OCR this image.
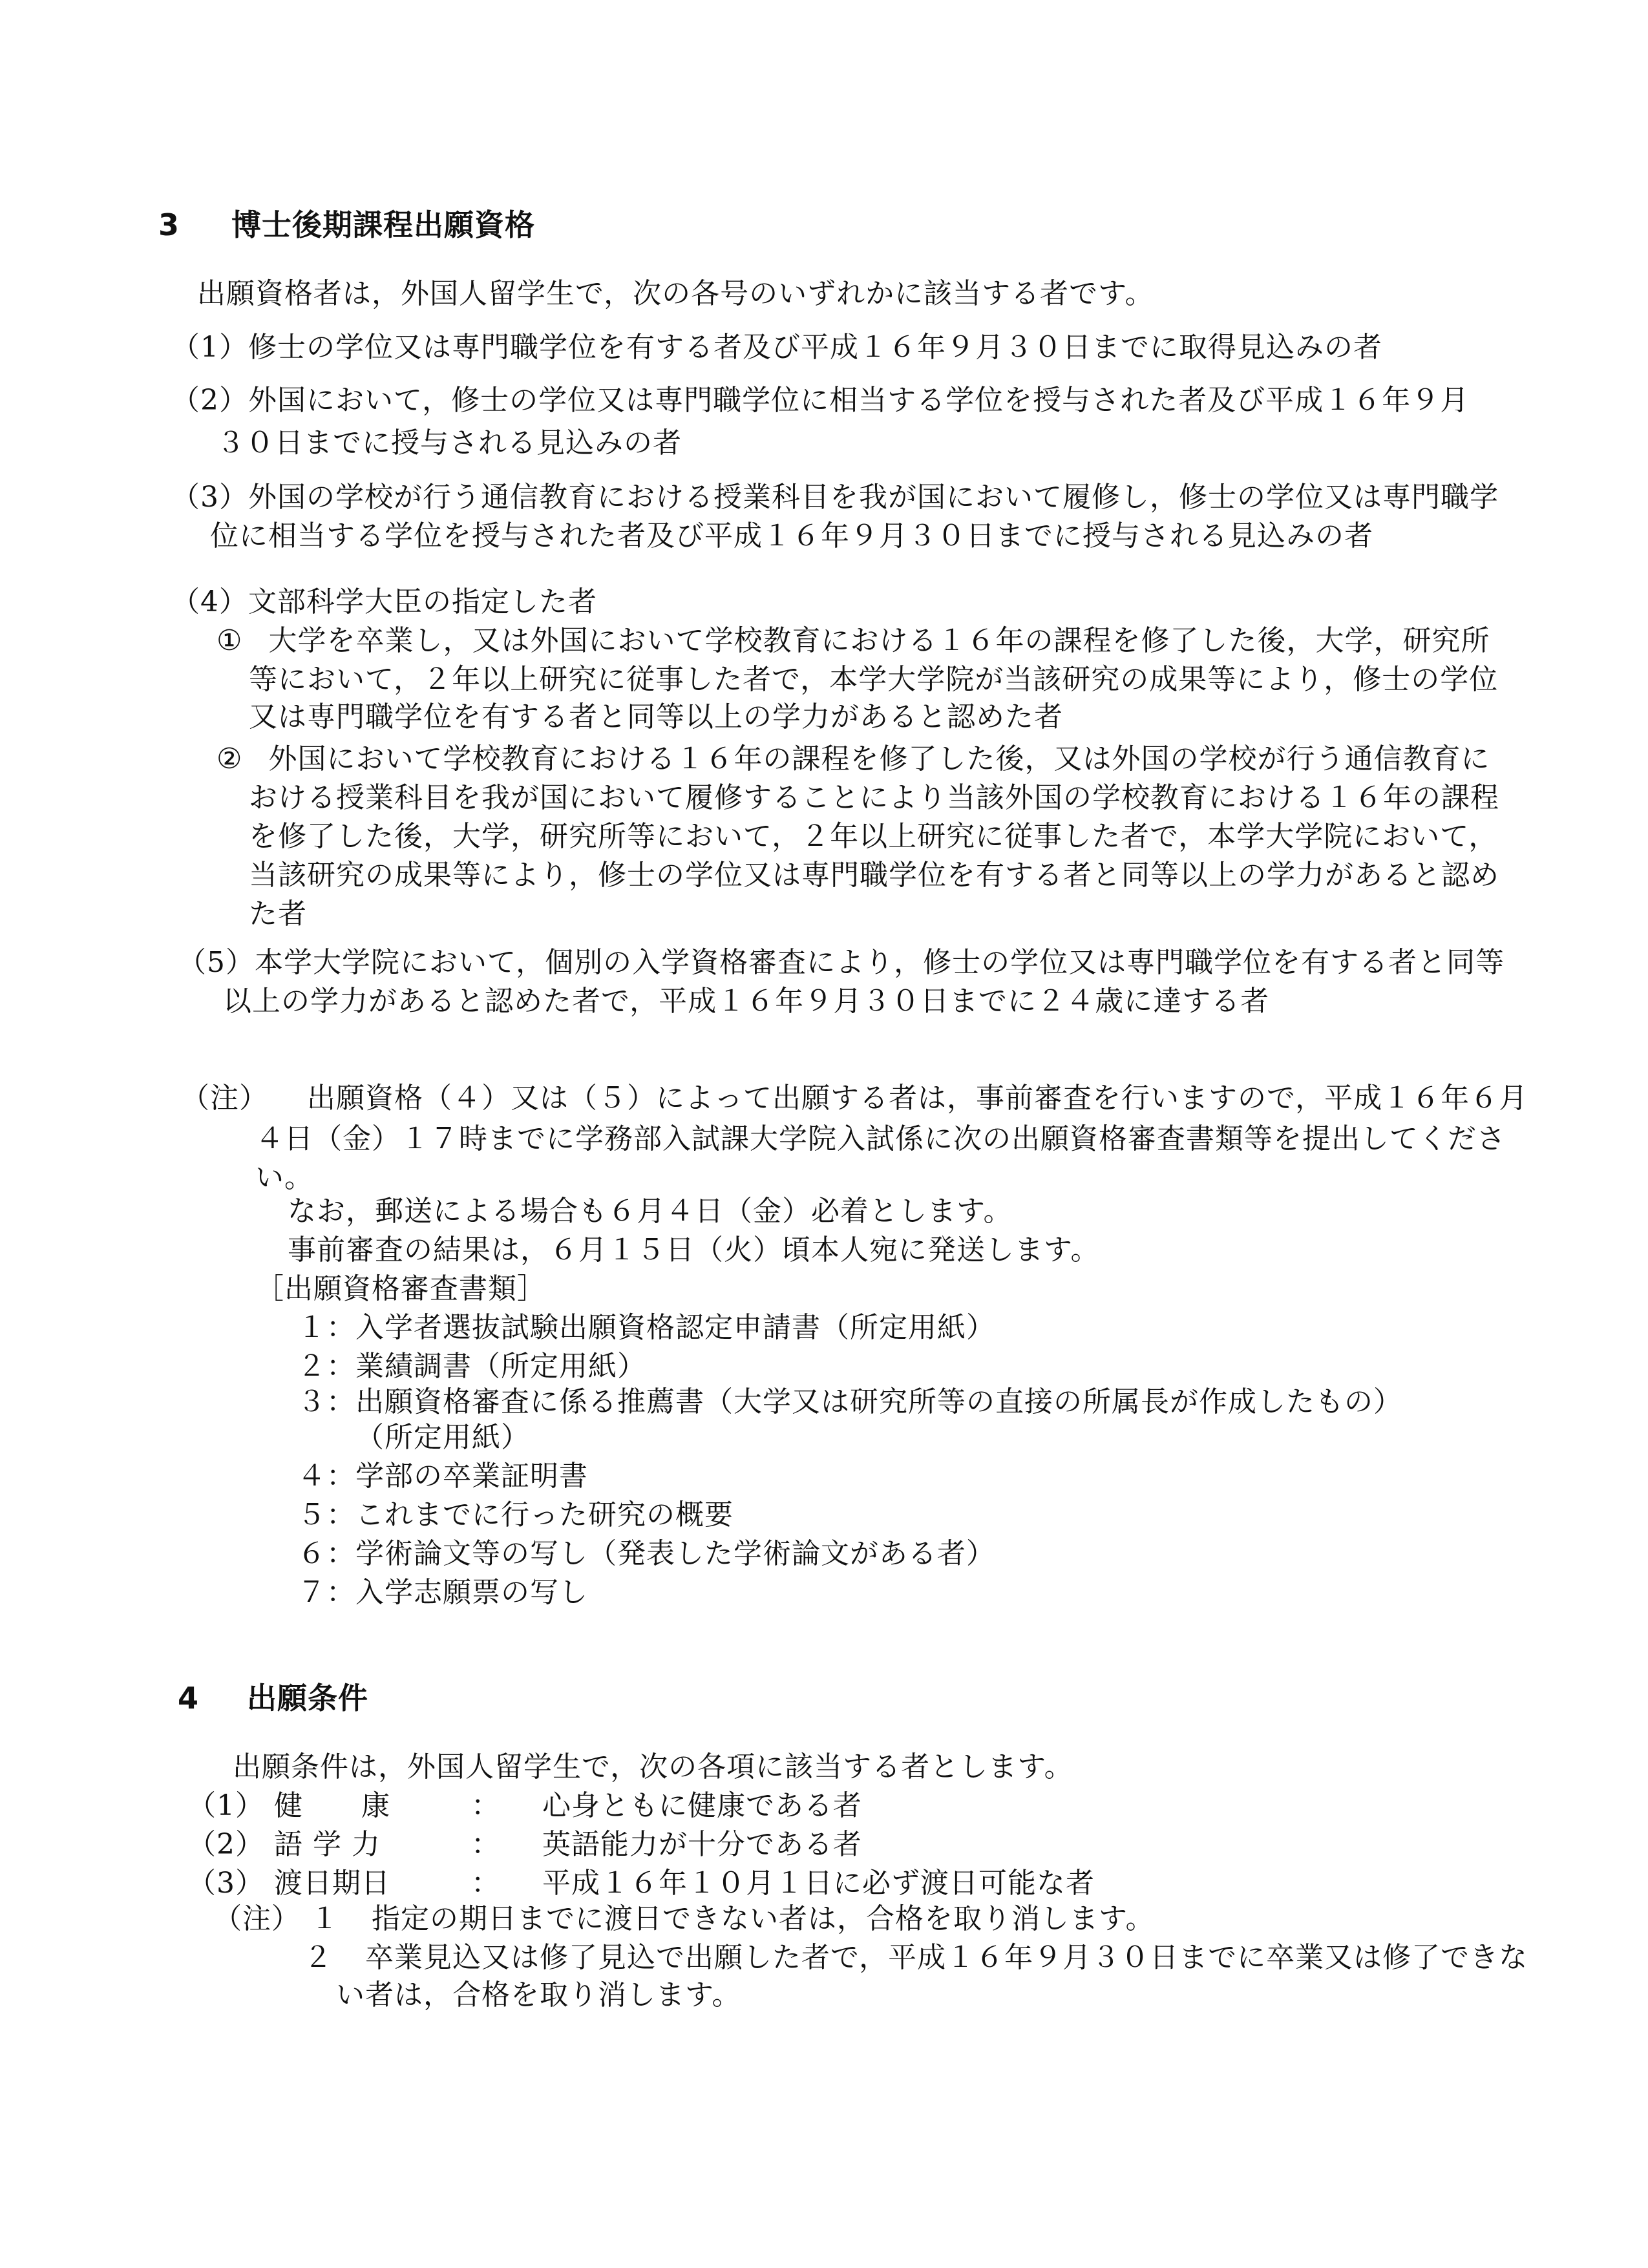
3 博士後期課程出願資格
出願資格者は，外国人留学生で，次の各号のいずれかに該当する者です。
（1）修士の学位又は専門職学位を有する者及び平成１６年９月３０日までに取得見込みの者
（2）外国において，修士の学位又は専門職学位に相当する学位を授与された者及び平成１６年９月
３０日までに授与される見込みの者
（3）外国の学校が行う通信教育における授業科目を我が国において履修し，修士の学位又は専門職学
位に相当する学位を授与された者及び平成１６年９月３０日までに授与される見込みの者
（4）文部科学大臣の指定した者
① 大学を卒業し，又は外国において学校教育における１６年の課程を修了した後，大学，研究所
等において，２年以上研究に従事した者で，本学大学院が当該研究の成果等により，修士の学位
又は専門職学位を有する者と同等以上の学力があると認めた者
② 外国において学校教育における１６年の課程を修了した後，又は外国の学校が行う通信教育に
おける授業科目を我が国において履修することにより当該外国の学校教育における１６年の課程
を修了した後，大学，研究所等において，２年以上研究に従事した者で，本学大学院において，
当該研究の成果等により，修士の学位又は専門職学位を有する者と同等以上の学力があると認め
た者
（5）本学大学院において，個別の入学資格審査により，修士の学位又は専門職学位を有する者と同等
以上の学力があると認めた者で，平成１６年９月３０日までに２４歳に達する者
（注） 出願資格（４）又は（５）によって出願する者は，事前審査を行いますので，平成１６年６月
４日（金）１７時までに学務部入試課大学院入試係に次の出願資格審査書類等を提出してくださ
い。
なお，郵送による場合も６月４日（金）必着とします。
事前審査の結果は，６月１５日（火）頃本人宛に発送します。
［出願資格審査書類］
１：入学者選抜試験出願資格認定申請書（所定用紙）
２：業績調書（所定用紙）
３：出願資格審査に係る推薦書（大学又は研究所等の直接の所属長が作成したもの）
（所定用紙）
４：学部の卒業証明書
５：これまでに行った研究の概要
６：学術論文等の写し（発表した学術論文がある者）
７：入学志願票の写し
4 出願条件
出願条件は，外国人留学生で，次の各項に該当する者とします。
（1） 健　　康	： 心身ともに健康である者
（2） 語 学 力	： 英語能力が十分である者
（3） 渡日期日	： 平成１６年１０月１日に必ず渡日可能な者
（注） １ 指定の期日までに渡日できない者は，合格を取り消します。
２ 卒業見込又は修了見込で出願した者で，平成１６年９月３０日までに卒業又は修了できな
い者は，合格を取り消します。
